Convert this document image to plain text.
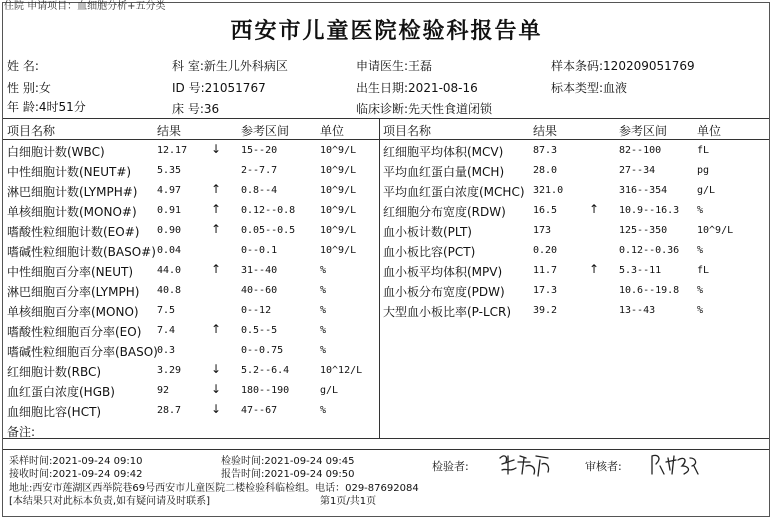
住院 申请项目：血细胞分析+五分类
西安市儿童医院检验科报告单
姓 名:	科 室:新生儿外科病区	申请医生:王磊	样本条码:120209051769
性 别:女	ID 号:21051767	出生日期:2021-08-16	标本类型:血液
年 龄:4时51分	床 号:36	临床诊断:先天性食道闭锁
项目名称	结果	参考区间	单位	项目名称	结果	参考区间 单位
白细胞计数(WBC)	12.17 ↓ 15--20	10^9/L
中性细胞计数(NEUT#)	5.35	2--7.7	10^9/L
淋巴细胞计数(LYMPH#) 4.97 ↑ 0.8--4	10^9/L
单核细胞计数(MONO#) 0.91 ↑ 0.12--0.8 10^9/L
嗜酸性粒细胞计数(EO#) 0.90 ↑ 0.05--0.5 10^9/L
嗜碱性粒细胞计数(BASO#) 0.04	0--0.1	10^9/L
中性细胞百分率(NEUT) 44.0 ↑ 31--40	%
淋巴细胞百分率(LYMPH) 40.8	40--60	%
单核细胞百分率(MONO) 7.5	0--12	%
嗜酸性粒细胞百分率(EO) 7.4	↑ 0.5--5	%
嗜碱性粒细胞百分率(BASO) 0.3	0--0.75	%
红细胞计数(RBC)	3.29 ↓ 5.2--6.4	10^12/L
血红蛋白浓度(HGB)	92	↓ 180--190	g/L
血细胞比容(HCT)	28.7 ↓ 47--67	%
红细胞平均体积(MCV)	87.3	82--100	fL
平均血红蛋白量(MCH)	28.0	27--34	pg
平均血红蛋白浓度(MCHC) 321.0	316--354	g/L
红细胞分布宽度(RDW)	16.5	↑ 10.9--16.3 %
血小板计数(PLT)	173	125--350	10^9/L
血小板比容(PCT)	0.20	0.12--0.36 %
血小板平均体积(MPV)	11.7	↑ 5.3--11	fL
血小板分布宽度(PDW)	17.3	10.6--19.8 %
大型血小板比率(P-LCR) 39.2	13--43	%
备注:
采样时间:2021-09-24 09:10	检验时间:2021-09-24 09:45
接收时间:2021-09-24 09:42	报告时间:2021-09-24 09:50
检验者:	审核者:
地址:西安市莲湖区西举院巷69号西安市儿童医院二楼检验科临检组。电话：029-87692084
[本结果只对此标本负责,如有疑问请及时联系]	第1页/共1页
